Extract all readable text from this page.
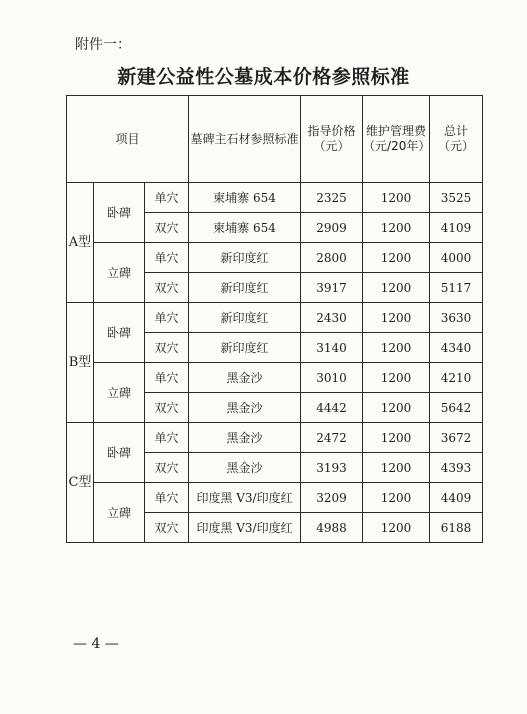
附件一：
新建公益性公墓成本价格参照标准
项目			墓碑主石材参照标准	指导价格（元）	维护管理费（元/20年）	总计（元）
A型	卧碑	单穴	柬埔寨 654	2325	1200	3525
		双穴	柬埔寨 654	2909	1200	4109
	立碑	单穴	新印度红	2800	1200	4000
		双穴	新印度红	3917	1200	5117
B型	卧碑	单穴	新印度红	2430	1200	3630
		双穴	新印度红	3140	1200	4340
	立碑	单穴	黑金沙	3010	1200	4210
		双穴	黑金沙	4442	1200	5642
C型	卧碑	单穴	黑金沙	2472	1200	3672
		双穴	黑金沙	3193	1200	4393
	立碑	单穴	印度黑 V3/印度红	3209	1200	4409
		双穴	印度黑 V3/印度红	4988	1200	6188
— 4 —
